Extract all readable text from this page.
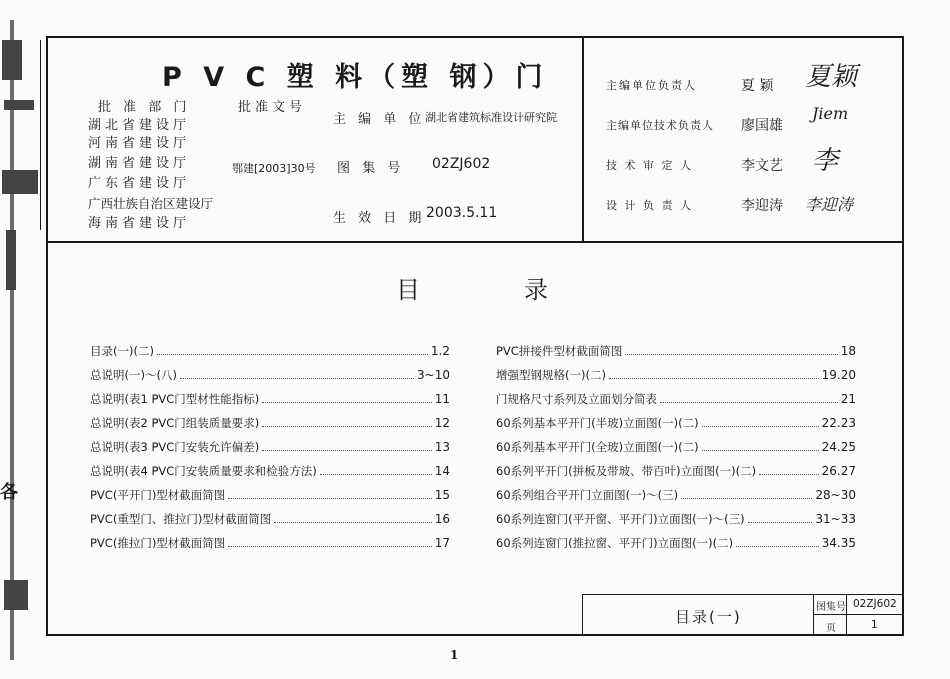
各
P V C 塑 料（塑 钢）门
批 准 部 门	批准文号
湖北省建设厅
河南省建设厅
湖南省建设厅
广东省建设厅
广西壮族自治区建设厅
海南省建设厅
鄂建[2003]30号
主 编 单 位 湖北省建筑标准设计研究院
图 集 号 02ZJ602
生 效 日 期 2003.5.11
主编单位负责人	夏 颖 夏颖
主编单位技术负责人 廖国雄
Jiem
技 术 审 定 人	李文艺 李
设 计 负 责 人	李迎涛 李迎涛
目	录
目录(一)(二)	1.2
总说明(一)～(八)	3~10
总说明(表1 PVC门型材性能指标)	11
总说明(表2 PVC门组装质量要求)	12
总说明(表3 PVC门安装允许偏差)	13
总说明(表4 PVC门安装质量要求和检验方法)	14
PVC(平开门)型材截面简图	15
PVC(重型门、推拉门)型材截面简图	16
PVC(推拉门)型材截面简图	17
PVC拼接件型材截面简图	18
增强型钢规格(一)(二)	19.20
门规格尺寸系列及立面划分简表	21
60系列基本平开门(半玻)立面图(一)(二)	22.23
60系列基本平开门(全玻)立面图(一)(二)	24.25
60系列平开门(拼板及带玻、带百叶)立面图(一)(二)	26.27
60系列组合平开门立面图(一)～(三)	28~30
60系列连窗门(平开窗、平开门)立面图(一)～(三)	31~33
60系列连窗门(推拉窗、平开门)立面图(一)(二)	34.35
目录(一)
图集号 02ZJ602
页	1
1
